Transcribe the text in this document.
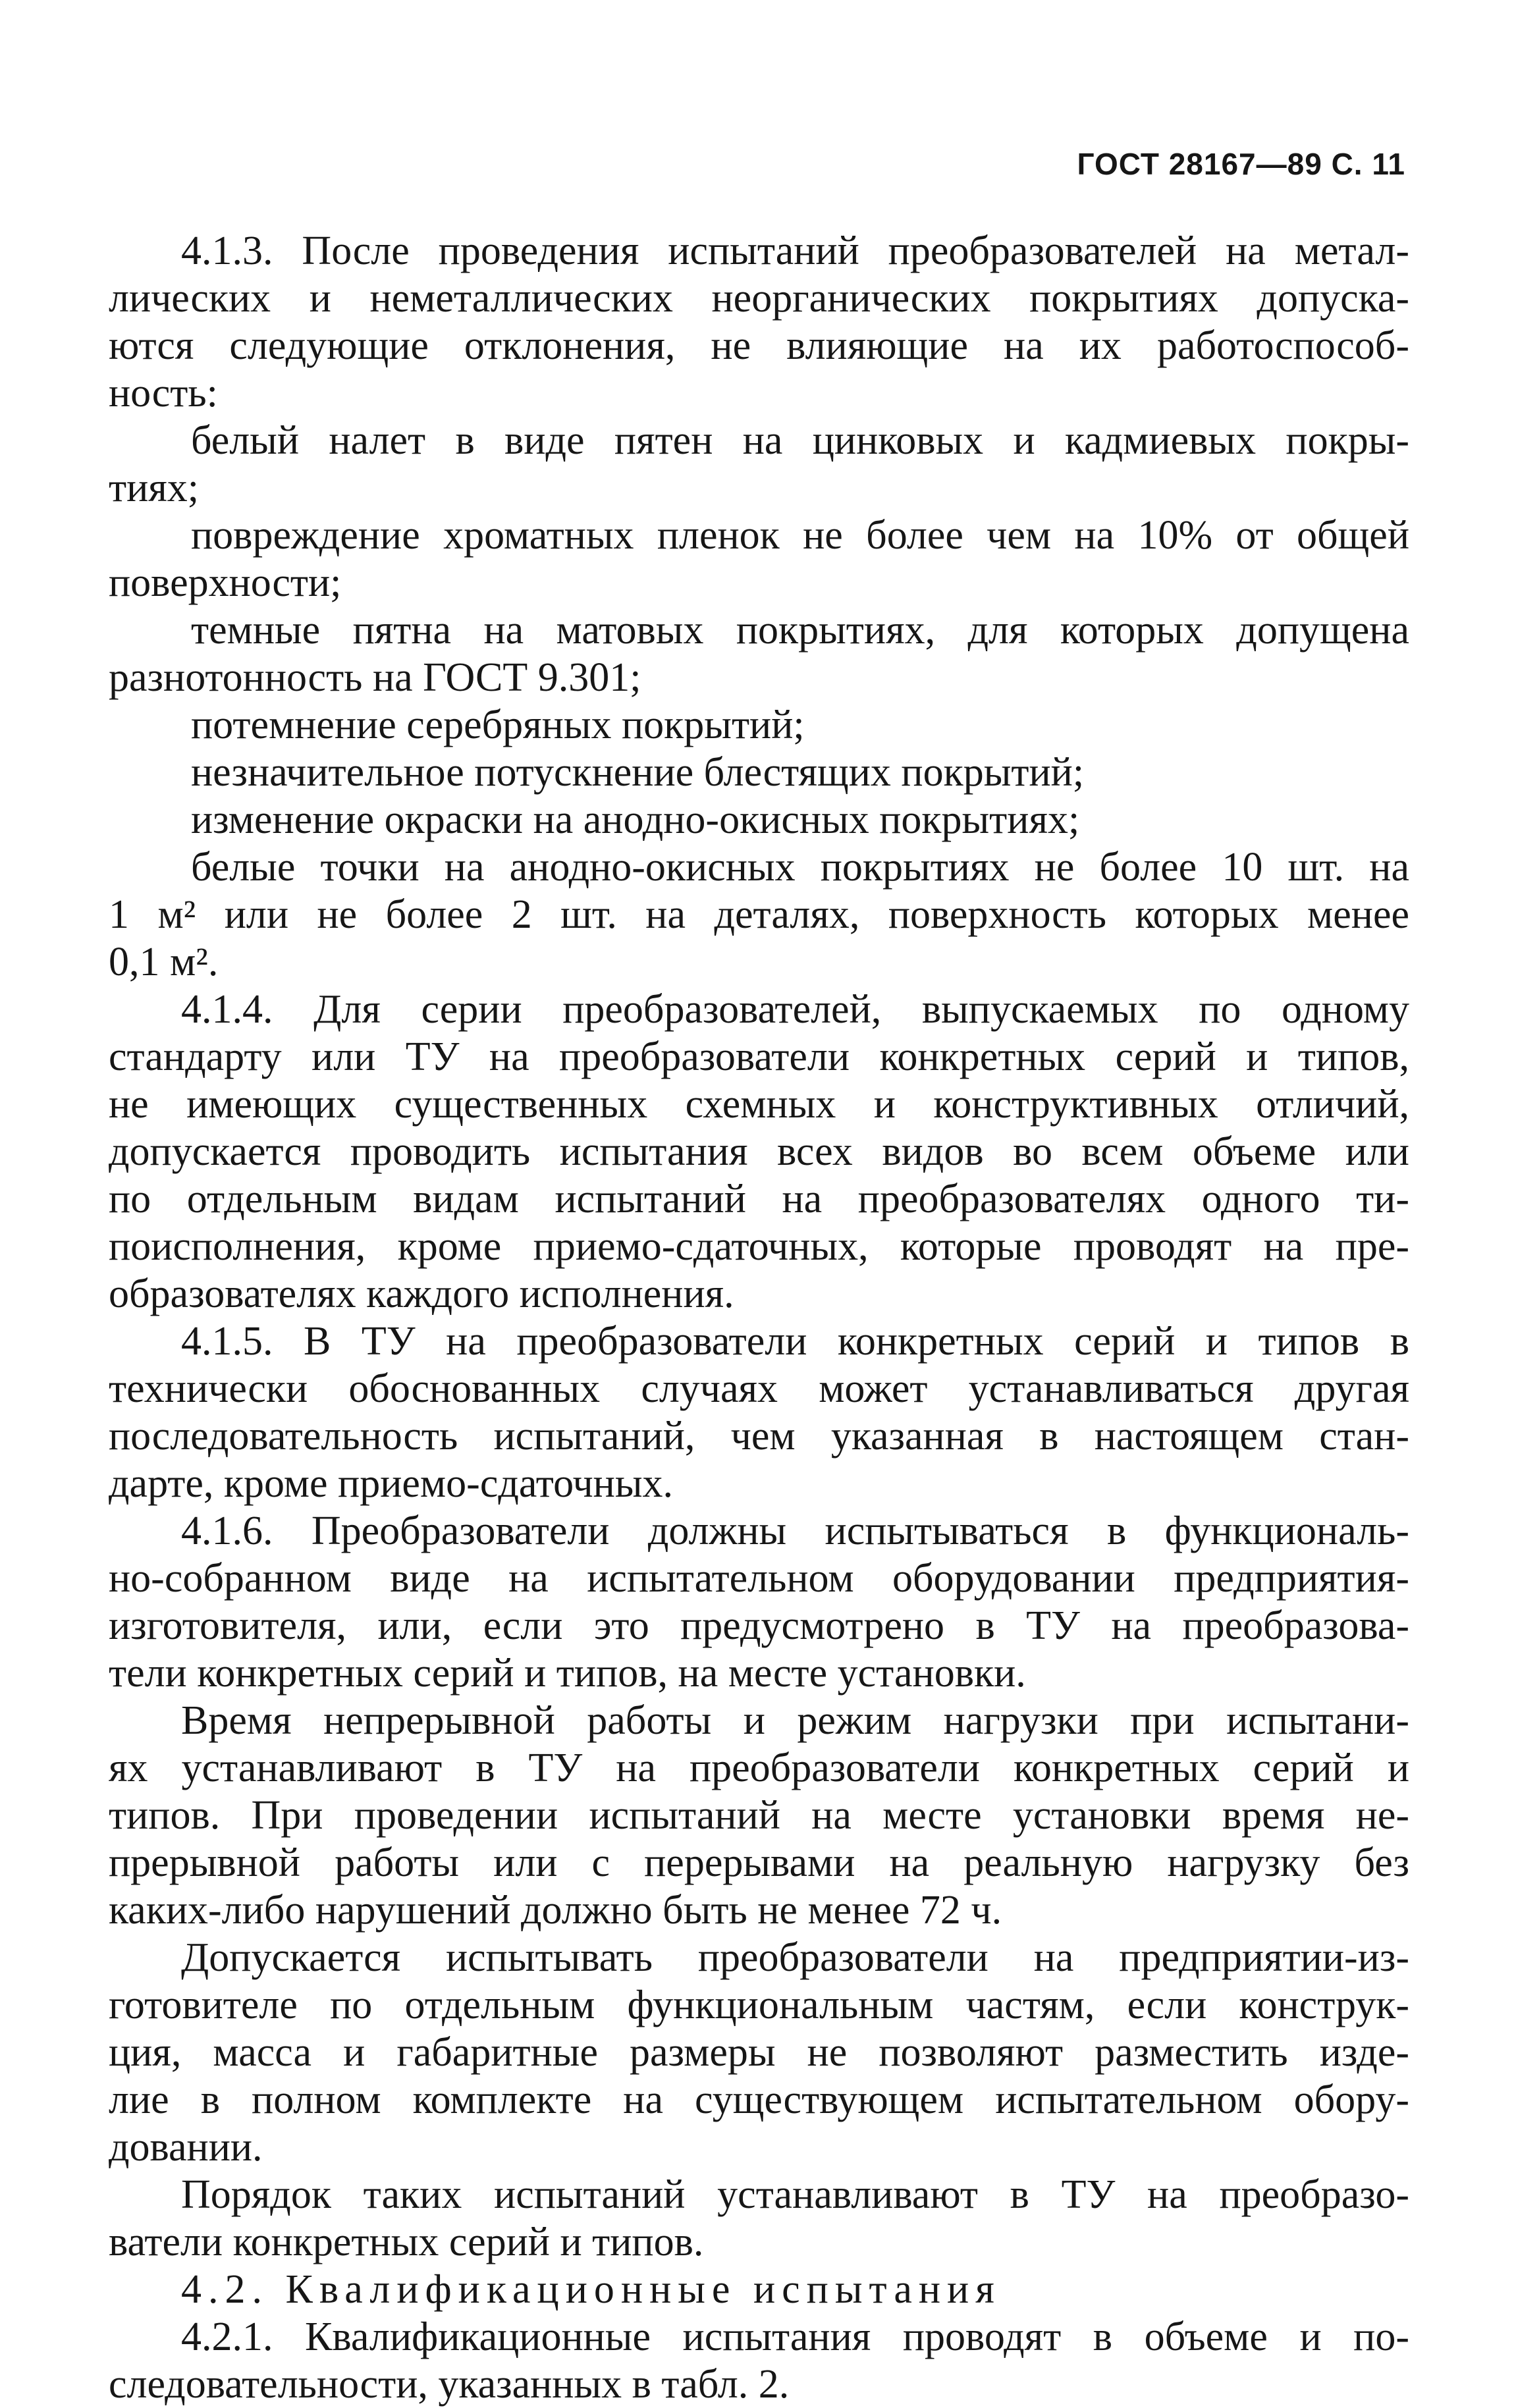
ГОСТ 28167—89 С. 11
4.1.3. После проведения испытаний преобразователей на метал-
лических и неметаллических неорганических покрытиях допуска-
ются следующие отклонения, не влияющие на их работоспособ-
ность:
белый налет в виде пятен на цинковых и кадмиевых покры-
тиях;
повреждение хроматных пленок не более чем на 10% от общей
поверхности;
темные пятна на матовых покрытиях, для которых допущена
разнотонность на ГОСТ 9.301;
потемнение серебряных покрытий;
незначительное потускнение блестящих покрытий;
изменение окраски на анодно-окисных покрытиях;
белые точки на анодно-окисных покрытиях не более 10 шт. на
1 м² или не более 2 шт. на деталях, поверхность которых менее
0,1 м².
4.1.4. Для серии преобразователей, выпускаемых по одному
стандарту или ТУ на преобразователи конкретных серий и типов,
не имеющих существенных схемных и конструктивных отличий,
допускается проводить испытания всех видов во всем объеме или
по отдельным видам испытаний на преобразователях одного ти-
поисполнения, кроме приемо-сдаточных, которые проводят на пре-
образователях каждого исполнения.
4.1.5. В ТУ на преобразователи конкретных серий и типов в
технически обоснованных случаях может устанавливаться другая
последовательность испытаний, чем указанная в настоящем стан-
дарте, кроме приемо-сдаточных.
4.1.6. Преобразователи должны испытываться в функциональ-
но-собранном виде на испытательном оборудовании предприятия-
изготовителя, или, если это предусмотрено в ТУ на преобразова-
тели конкретных серий и типов, на месте установки.
Время непрерывной работы и режим нагрузки при испытани-
ях устанавливают в ТУ на преобразователи конкретных серий и
типов. При проведении испытаний на месте установки время не-
прерывной работы или с перерывами на реальную нагрузку без
каких-либо нарушений должно быть не менее 72 ч.
Допускается испытывать преобразователи на предприятии-из-
готовителе по отдельным функциональным частям, если конструк-
ция, масса и габаритные размеры не позволяют разместить изде-
лие в полном комплекте на существующем испытательном обору-
довании.
Порядок таких испытаний устанавливают в ТУ на преобразо-
ватели конкретных серий и типов.
4.2. Квалификационные испытания
4.2.1. Квалификационные испытания проводят в объеме и по-
следовательности, указанных в табл. 2.
